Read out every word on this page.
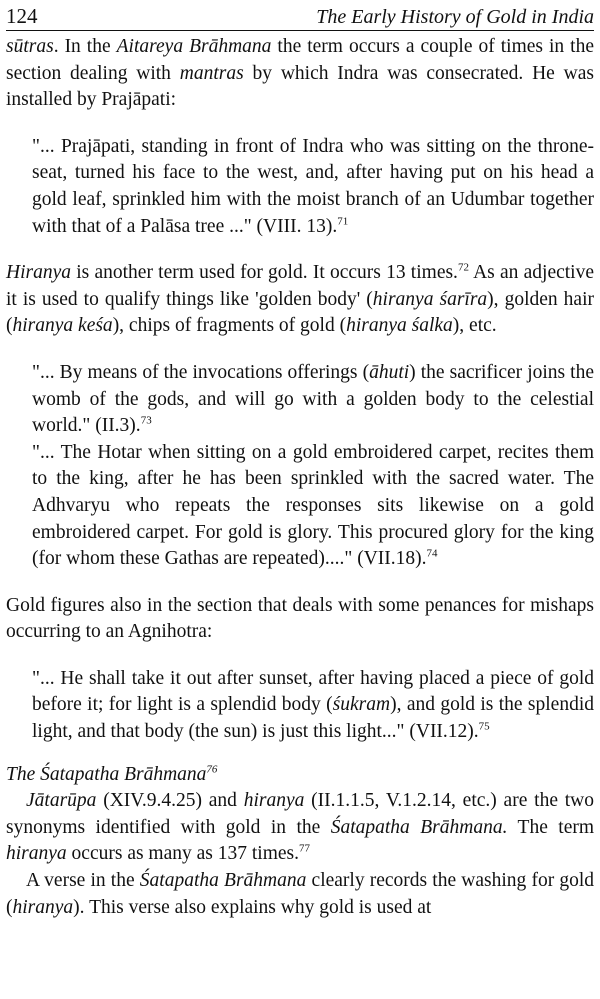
124	The Early History of Gold in India

sūtras. In the Aitareya Brāhmana the term occurs a couple of times in the section dealing with mantras by which Indra was consecrated. He was installed by Prajāpati:

"... Prajāpati, standing in front of Indra who was sitting on the throne-seat, turned his face to the west, and, after having put on his head a gold leaf, sprinkled him with the moist branch of an Udumbar together with that of a Palāsa tree ..." (VIII. 13).$^{71}$

Hiranya is another term used for gold. It occurs 13 times.$^{72}$ As an adjective it is used to qualify things like 'golden body' (hiranya śarīra), golden hair (hiranya keśa), chips of fragments of gold (hiranya śalka), etc.

"... By means of the invocations offerings (āhuti) the sacrificer joins the womb of the gods, and will go with a golden body to the celestial world." (II.3).$^{73}$

"... The Hotar when sitting on a gold embroidered carpet, recites them to the king, after he has been sprinkled with the sacred water. The Adhvaryu who repeats the responses sits likewise on a gold embroidered carpet. For gold is glory. This procured glory for the king (for whom these Gathas are repeated)...." (VII.18).$^{74}$

Gold figures also in the section that deals with some penances for mishaps occurring to an Agnihotra:

"... He shall take it out after sunset, after having placed a piece of gold before it; for light is a splendid body (śukram), and gold is the splendid light, and that body (the sun) is just this light..." (VII.12).$^{75}$

The Śatapatha Brāhmana$^{76}$

Jātarūpa (XIV.9.4.25) and hiranya (II.1.1.5, V.1.2.14, etc.) are the two synonyms identified with gold in the Śatapatha Brāhmana. The term hiranya occurs as many as 137 times.$^{77}$

A verse in the Śatapatha Brāhmana clearly records the washing for gold (hiranya). This verse also explains why gold is used at
